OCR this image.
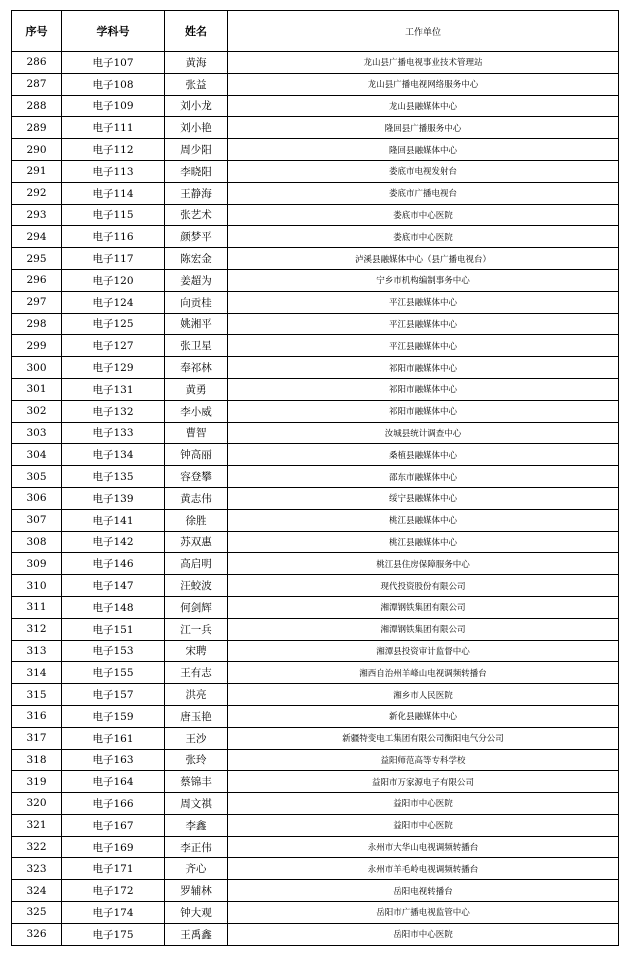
序号	学科号	姓名	工作单位
286	电子107	黄海	龙山县广播电视事业技术管理站
287	电子108	张益	龙山县广播电视网络服务中心
288	电子109	刘小龙	龙山县融媒体中心
289	电子111	刘小艳	隆回县广播服务中心
290	电子112	周少阳	隆回县融媒体中心
291	电子113	李晓阳	娄底市电视发射台
292	电子114	王静海	娄底市广播电视台
293	电子115	张艺术	娄底市中心医院
294	电子116	颜梦平	娄底市中心医院
295	电子117	陈宏金	泸溪县融媒体中心（县广播电视台）
296	电子120	姜超为	宁乡市机构编制事务中心
297	电子124	向贡桂	平江县融媒体中心
298	电子125	姚湘平	平江县融媒体中心
299	电子127	张卫星	平江县融媒体中心
300	电子129	奉祁林	祁阳市融媒体中心
301	电子131	黄勇	祁阳市融媒体中心
302	电子132	李小威	祁阳市融媒体中心
303	电子133	曹智	汝城县统计调查中心
304	电子134	钟高丽	桑植县融媒体中心
305	电子135	容登攀	邵东市融媒体中心
306	电子139	黄志伟	绥宁县融媒体中心
307	电子141	徐胜	桃江县融媒体中心
308	电子142	苏双惠	桃江县融媒体中心
309	电子146	高启明	桃江县住房保障服务中心
310	电子147	汪蛟波	现代投资股份有限公司
311	电子148	何剑辉	湘潭钢铁集团有限公司
312	电子151	江一兵	湘潭钢铁集团有限公司
313	电子153	宋聘	湘潭县投资审计监督中心
314	电子155	王有志	湘西自治州羊峰山电视调频转播台
315	电子157	洪亮	湘乡市人民医院
316	电子159	唐玉艳	新化县融媒体中心
317	电子161	王沙	新疆特变电工集团有限公司衡阳电气分公司
318	电子163	张玲	益阳师范高等专科学校
319	电子164	蔡锦丰	益阳市万家源电子有限公司
320	电子166	周文祺	益阳市中心医院
321	电子167	李鑫	益阳市中心医院
322	电子169	李正伟	永州市大华山电视调频转播台
323	电子171	齐心	永州市羊毛岭电视调频转播台
324	电子172	罗辅林	岳阳电视转播台
325	电子174	钟大观	岳阳市广播电视监管中心
326	电子175	王禹鑫	岳阳市中心医院
